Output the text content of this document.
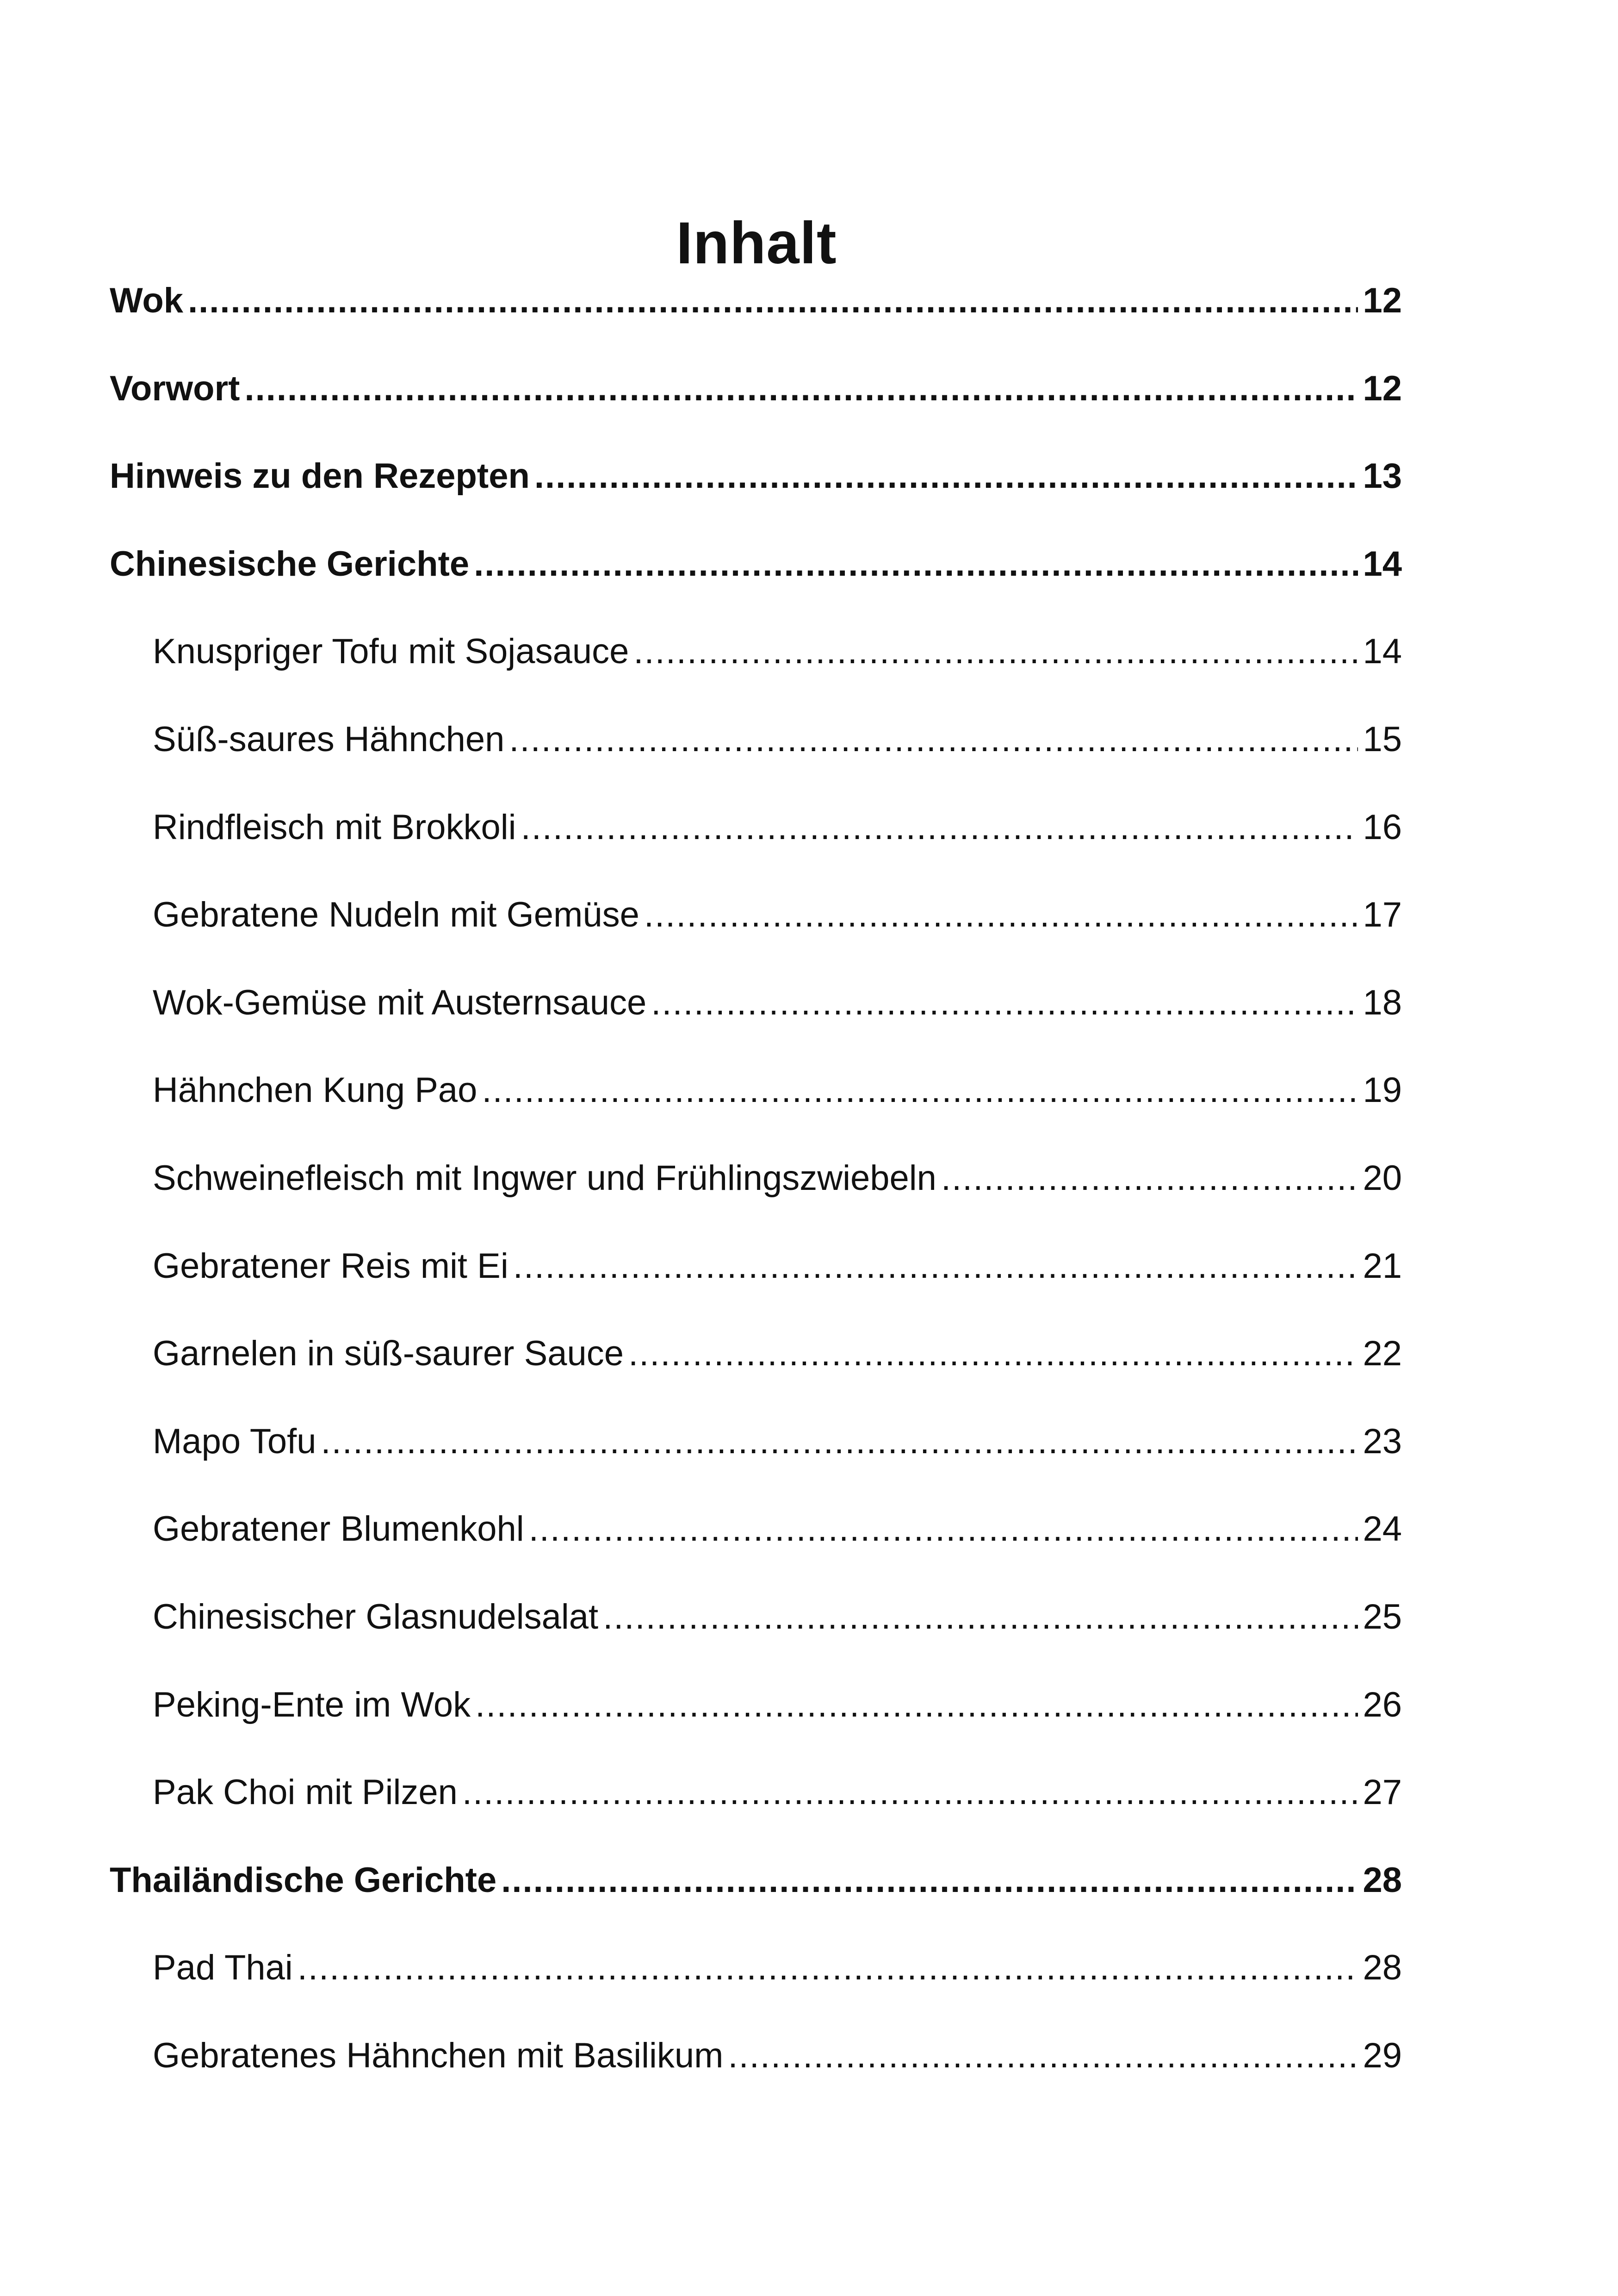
Inhalt
Wok .....	12
Vorwort .....	12
Hinweis zu den Rezepten .....	13
Chinesische Gerichte .....	14
Knuspriger Tofu mit Sojasauce .....	14
Süß-saures Hähnchen .....	15
Rindfleisch mit Brokkoli .....	16
Gebratene Nudeln mit Gemüse .....	17
Wok-Gemüse mit Austernsauce .....	18
Hähnchen Kung Pao .....	19
Schweinefleisch mit Ingwer und Frühlingszwiebeln .....	20
Gebratener Reis mit Ei .....	21
Garnelen in süß-saurer Sauce .....	22
Mapo Tofu .....	23
Gebratener Blumenkohl .....	24
Chinesischer Glasnudelsalat .....	25
Peking-Ente im Wok .....	26
Pak Choi mit Pilzen .....	27
Thailändische Gerichte .....	28
Pad Thai .....	28
Gebratenes Hähnchen mit Basilikum .....	29
